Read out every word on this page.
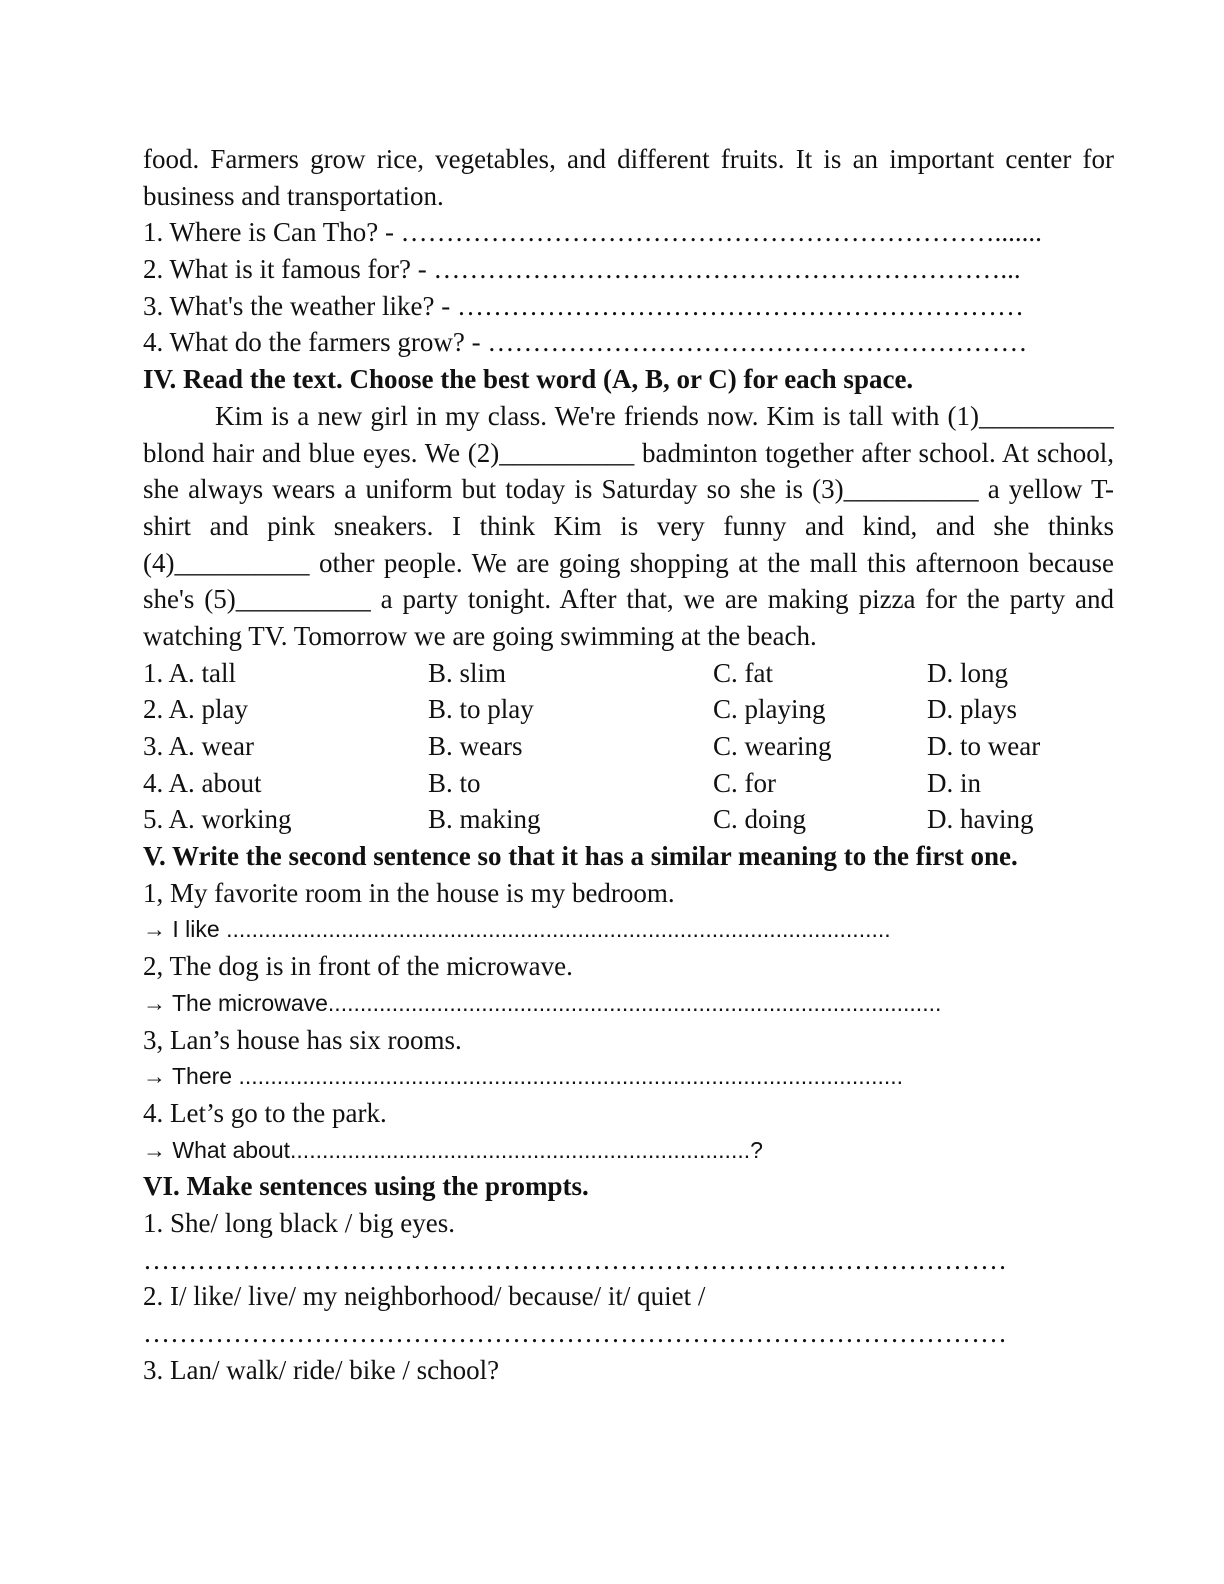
food. Farmers grow rice, vegetables, and different fruits. It is an important center for
business and transportation.
1. Where is Can Tho? - ………………………………………………………….......
2. What is it famous for? - ………………………………………………………...
3. What's the weather like? - ………………………………………………………
4. What do the farmers grow? - ……………………………………………………
IV. Read the text. Choose the best word (A, B, or C) for each space.
Kim is a new girl in my class. We're friends now. Kim is tall with (1)__________
blond hair and blue eyes. We (2)__________ badminton together after school. At school,
she always wears a uniform but today is Saturday so she is (3)__________ a yellow T-
shirt and pink sneakers. I think Kim is very funny and kind, and she thinks
(4)__________ other people. We are going shopping at the mall this afternoon because
she's (5)__________ a party tonight. After that, we are making pizza for the party and
watching TV. Tomorrow we are going swimming at the beach.
1. A. tall	B. slim	C. fat	D. long
2. A. play	B. to play	C. playing	D. plays
3. A. wear	B. wears	C. wearing	D. to wear
4. A. about	B. to	C. for	D. in
5. A. working	B. making	C. doing	D. having
V. Write the second sentence so that it has a similar meaning to the first one.
1, My favorite room in the house is my bedroom.
→ I like ........................................................................................................
2, The dog is in front of the microwave.
→ The microwave................................................................................................
3, Lan’s house has six rooms.
→ There ........................................................................................................
4. Let’s go to the park.
→ What about........................................................................?
VI. Make sentences using the prompts.
1. She/ long black / big eyes.
……………………………………………………………………………………
2. I/ like/ live/ my neighborhood/ because/ it/ quiet /
……………………………………………………………………………………
3. Lan/ walk/ ride/ bike / school?
